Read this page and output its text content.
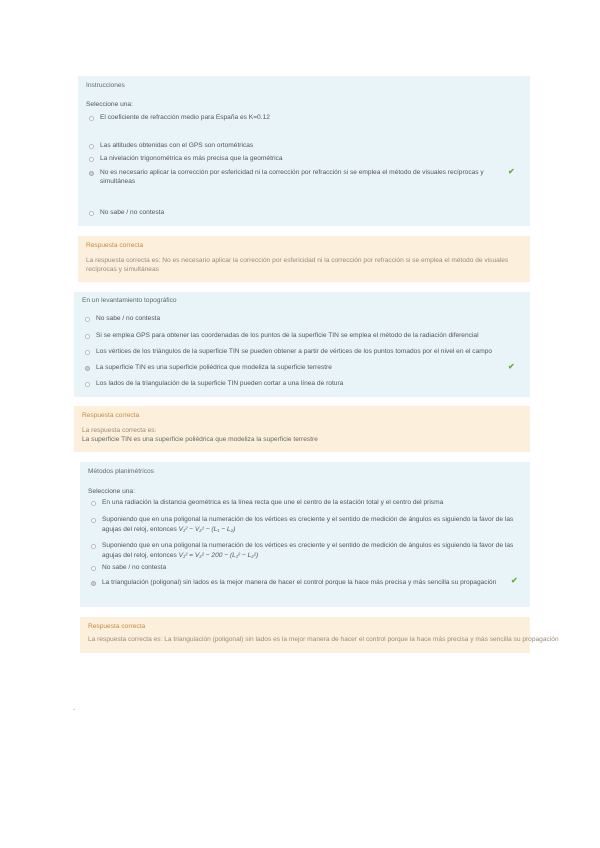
Instrucciones
Seleccione una:
El coeficiente de refracción medio para España es K=0.12
Las altitudes obtenidas con el GPS son ortométricas
La nivelación trigonométrica es más precisa que la geométrica
No es necesario aplicar la corrección por esfericidad ni la corrección por refracción si se emplea el método de visuales recíprocas y
simultáneas
✔
No sabe / no contesta
Respuesta correcta
La respuesta correcta es: No es necesario aplicar la corrección por esfericidad ni la corrección por refracción si se emplea el método de visuales
recíprocas y simultáneas
En un levantamiento topográfico
No sabe / no contesta
Si se emplea GPS para obtener las coordenadas de los puntos de la superficie TIN se emplea el método de la radiación diferencial
Los vértices de los triángulos de la superficie TIN se pueden obtener a partir de vértices de los puntos tomados por el nivel en el campo
La superficie TIN es una superficie poliédrica que modeliza la superficie terrestre	✔
Los lados de la triangulación de la superficie TIN pueden cortar a una línea de rotura
Respuesta correcta
La respuesta correcta es:
La superficie TIN es una superficie poliédrica que modeliza la superficie terrestre
Métodos planimétricos
Seleccione una:
En una radiación la distancia geométrica es la línea recta que une el centro de la estación total y el centro del prisma
Suponiendo que en una poligonal la numeración de los vértices es creciente y el sentido de medición de ángulos es siguiendo la favor de las
agujas del reloj, entonces V₁² − V₂¹ − (L₁ − L₂)
Suponiendo que en una poligonal la numeración de los vértices es creciente y el sentido de medición de ángulos es siguiendo la favor de las
agujas del reloj, entonces V₁² = V₂² − 200 − (L₁² − L₂²)
No sabe / no contesta
La triangulación (poligonal) sin lados es la mejor manera de hacer el control porque la hace más precisa y más sencilla su propagación ✔
Respuesta correcta
La respuesta correcta es: La triangulación (poligonal) sin lados es la mejor manera de hacer el control porque la hace más precisa y más sencilla su propagación
.
